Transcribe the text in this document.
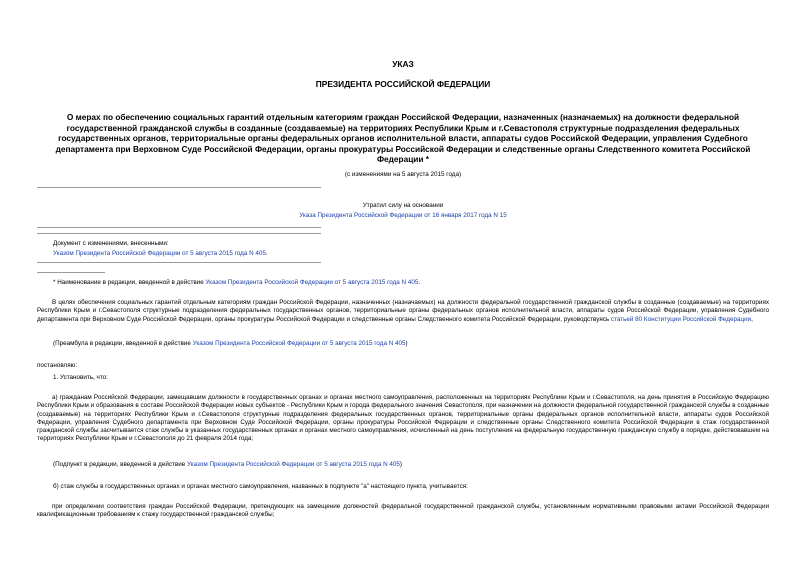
УКАЗ
ПРЕЗИДЕНТА РОССИЙСКОЙ ФЕДЕРАЦИИ
О мерах по обеспечению социальных гарантий отдельным категориям граждан Российской Федерации, назначенных (назначаемых) на должности федеральной государственной гражданской службы в созданные (создаваемые) на территориях Республики Крым и г.Севастополя структурные подразделения федеральных государственных органов, территориальные органы федеральных органов исполнительной власти, аппараты судов Российской Федерации, управления Судебного департамента при Верховном Суде Российской Федерации, органы прокуратуры Российской Федерации и следственные органы Следственного комитета Российской Федерации *
(с изменениями на 5 августа 2015 года)
Утратил силу на основании
Указа Президента Российской Федерации от 16 января 2017 года N 15
Документ с изменениями, внесенными:
Указом Президента Российской Федерации от 5 августа 2015 года N 405.
* Наименование в редакции, введенной в действие Указом Президента Российской Федерации от 5 августа 2015 года N 405.
В целях обеспечения социальных гарантий отдельным категориям граждан Российской Федерации, назначенных (назначаемых) на должности федеральной государственной гражданской службы в созданные (создаваемые) на территориях Республики Крым и г.Севастополя структурные подразделения федеральных государственных органов, территориальные органы федеральных органов исполнительной власти, аппараты судов Российской Федерации, управления Судебного департамента при Верховном Суде Российской Федерации, органы прокуратуры Российской Федерации и следственные органы Следственного комитета Российской Федерации, руководствуясь статьей 80 Конституции Российской Федерации,
(Преамбула в редакции, введенной в действие Указом Президента Российской Федерации от 5 августа 2015 года N 405)
постановляю:
1. Установить, что:
а) гражданам Российской Федерации, замещавшим должности в государственных органах и органах местного самоуправления, расположенных на территориях Республики Крым и г.Севастополя, на день принятия в Российскую Федерацию Республики Крым и образования в составе Российской Федерации новых субъектов - Республики Крым и города федерального значения Севастополя, при назначении на должности федеральной государственной гражданской службы в созданные (создаваемые) на территориях Республики Крым и г.Севастополя структурные подразделения федеральных государственных органов, территориальные органы федеральных органов исполнительной власти, аппараты судов Российской Федерации, управления Судебного департамента при Верховном Суде Российской Федерации, органы прокуратуры Российской Федерации и следственные органы Следственного комитета Российской Федерации в стаж государственной гражданской службы засчитывается стаж службы в указанных государственных органах и органах местного самоуправления, исчисленный на день поступления на федеральную государственную гражданскую службу в порядке, действовавшем на территориях Республики Крым и г.Севастополя до 21 февраля 2014 года;
(Подпункт в редакции, введенной в действие Указом Президента Российской Федерации от 5 августа 2015 года N 405)
б) стаж службы в государственных органах и органах местного самоуправления, названных в подпункте "а" настоящего пункта, учитывается:
при определении соответствия граждан Российской Федерации, претендующих на замещение должностей федеральной государственной гражданской службы, установленным нормативными правовыми актами Российской Федерации квалификационным требованиям к стажу государственной гражданской службы;
